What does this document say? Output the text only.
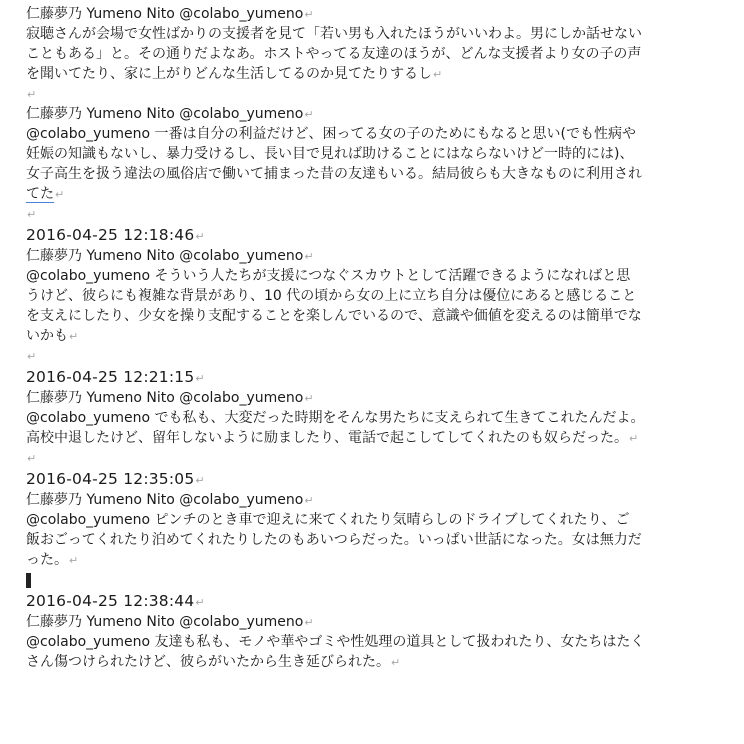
仁藤夢乃 Yumeno Nito @colabo_yumeno↵
寂聴さんが会場で女性ばかりの支援者を見て「若い男も入れたほうがいいわよ。男にしか話せない
こともある」と。その通りだよなあ。ホストやってる友達のほうが、どんな支援者より女の子の声
を聞いてたり、家に上がりどんな生活してるのか見てたりするし↵
↵
仁藤夢乃 Yumeno Nito @colabo_yumeno↵
@colabo_yumeno 一番は自分の利益だけど、困ってる女の子のためにもなると思い(でも性病や
妊娠の知識もないし、暴力受けるし、長い目で見れば助けることにはならないけど一時的には)、
女子高生を扱う違法の風俗店で働いて捕まった昔の友達もいる。結局彼らも大きなものに利用され
てた↵
↵
2016-04-25 12:18:46↵
仁藤夢乃 Yumeno Nito @colabo_yumeno↵
@colabo_yumeno そういう人たちが支援につなぐスカウトとして活躍できるようになればと思
うけど、彼らにも複雑な背景があり、10 代の頃から女の上に立ち自分は優位にあると感じること
を支えにしたり、少女を操り支配することを楽しんでいるので、意識や価値を変えるのは簡単でな
いかも↵
↵
2016-04-25 12:21:15↵
仁藤夢乃 Yumeno Nito @colabo_yumeno↵
@colabo_yumeno でも私も、大変だった時期をそんな男たちに支えられて生きてこれたんだよ。
高校中退したけど、留年しないように励ましたり、電話で起こしてしてくれたのも奴らだった。↵
↵
2016-04-25 12:35:05↵
仁藤夢乃 Yumeno Nito @colabo_yumeno↵
@colabo_yumeno ピンチのとき車で迎えに来てくれたり気晴らしのドライブしてくれたり、ご
飯おごってくれたり泊めてくれたりしたのもあいつらだった。いっぱい世話になった。女は無力だ
った。↵
2016-04-25 12:38:44↵
仁藤夢乃 Yumeno Nito @colabo_yumeno↵
@colabo_yumeno 友達も私も、モノや華やゴミや性処理の道具として扱われたり、女たちはたく
さん傷つけられたけど、彼らがいたから生き延びられた。↵
